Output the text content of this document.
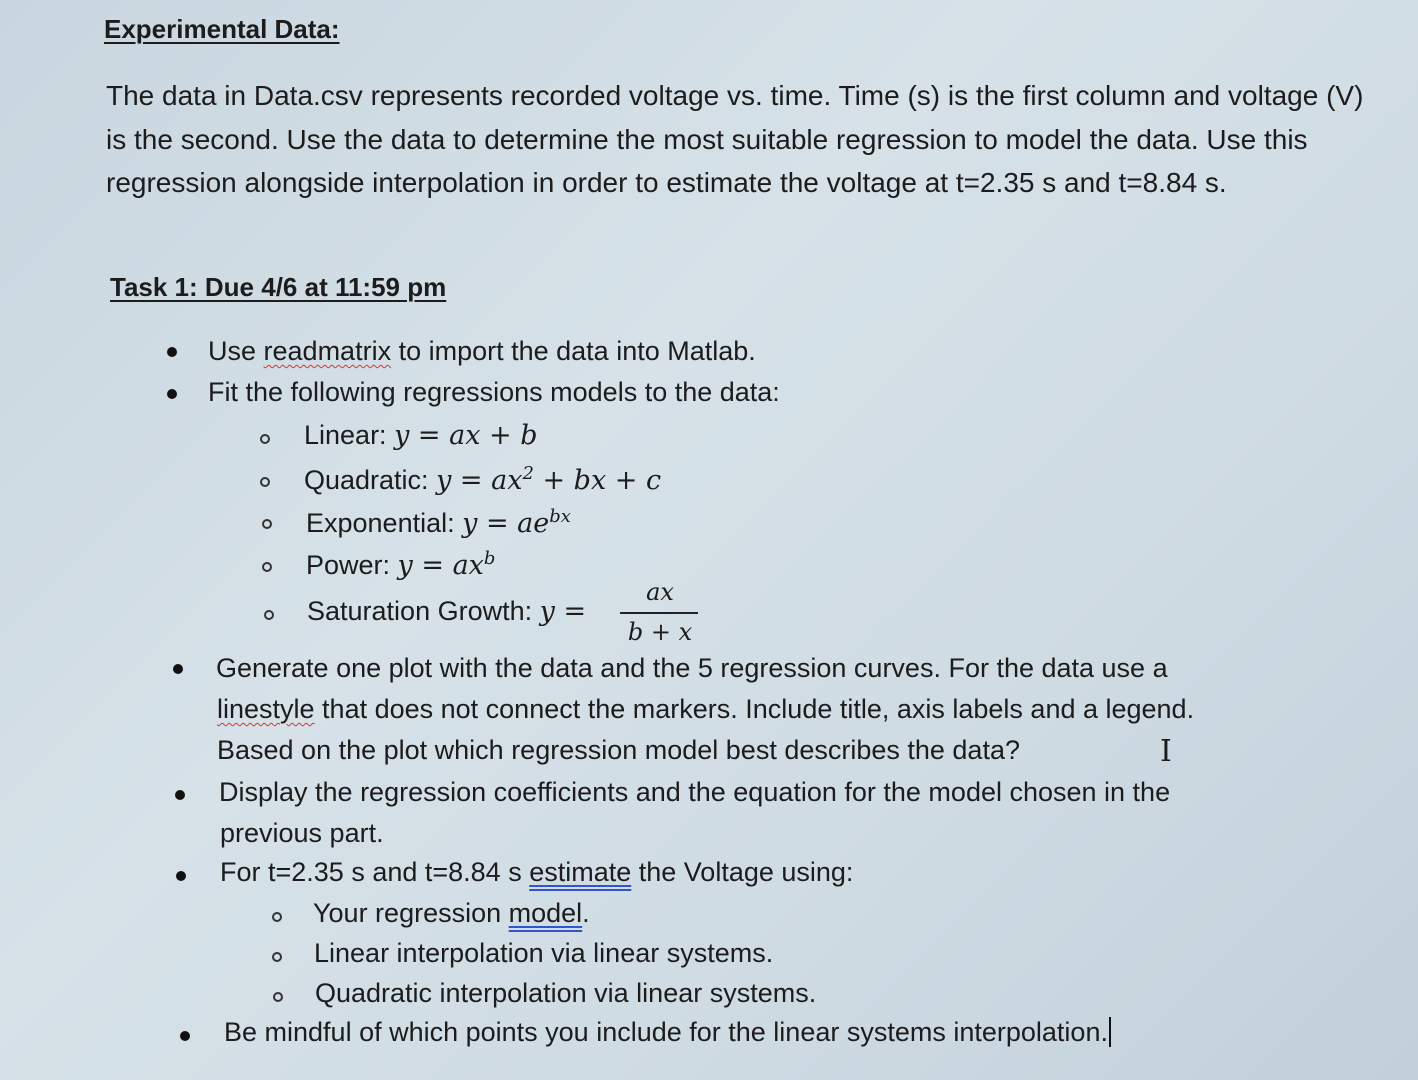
Experimental Data:
The data in Data.csv represents recorded voltage vs. time. Time (s) is the first column and voltage (V) is the second. Use the data to determine the most suitable regression to model the data. Use this regression alongside interpolation in order to estimate the voltage at t=2.35 s and t=8.84 s.
Task 1: Due 4/6 at 11:59 pm
Use readmatrix to import the data into Matlab.
Fit the following regressions models to the data:
Linear: y = ax + b
Quadratic: $y = ax^2$ + bx + c
Exponential: $y = ae^{bx}$
Power: $y = ax^b$
Saturation Growth: y =
ax
b + x
Generate one plot with the data and the 5 regression curves. For the data use a
linestyle that does not connect the markers. Include title, axis labels and a legend.
Based on the plot which regression model best describes the data?	I
Display the regression coefficients and the equation for the model chosen in the
previous part.
For t=2.35 s and t=8.84 s estimate the Voltage using:
Your regression model.
Linear interpolation via linear systems.
Quadratic interpolation via linear systems.
Be mindful of which points you include for the linear systems interpolation.
